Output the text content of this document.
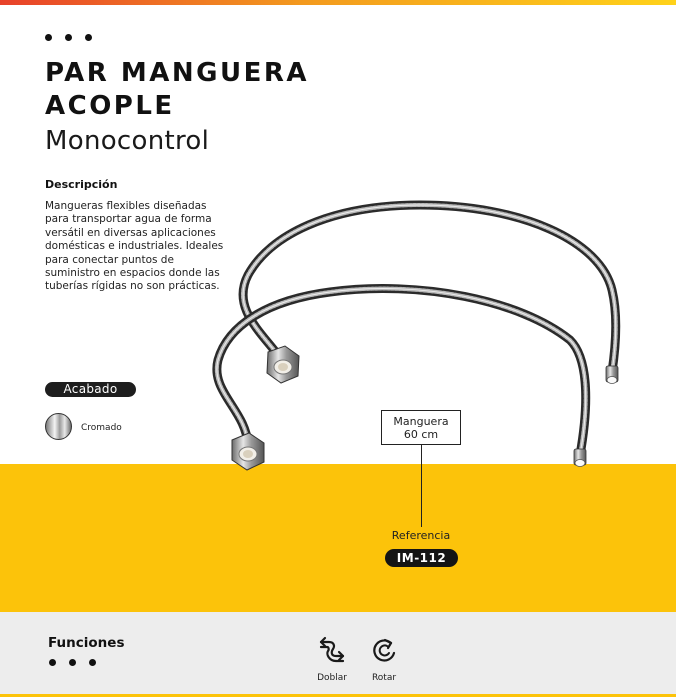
PAR MANGUERA
ACOPLE
Monocontrol
Descripción
Mangueras flexibles diseñadas para transportar agua de forma versátil en diversas aplicaciones domésticas e industriales. Ideales para conectar puntos de suministro en espacios donde las tuberías rígidas no son prácticas.
Acabado
Cromado	Manguera
60 cm
Referencia
IM-112
Funciones
Doblar	Rotar
